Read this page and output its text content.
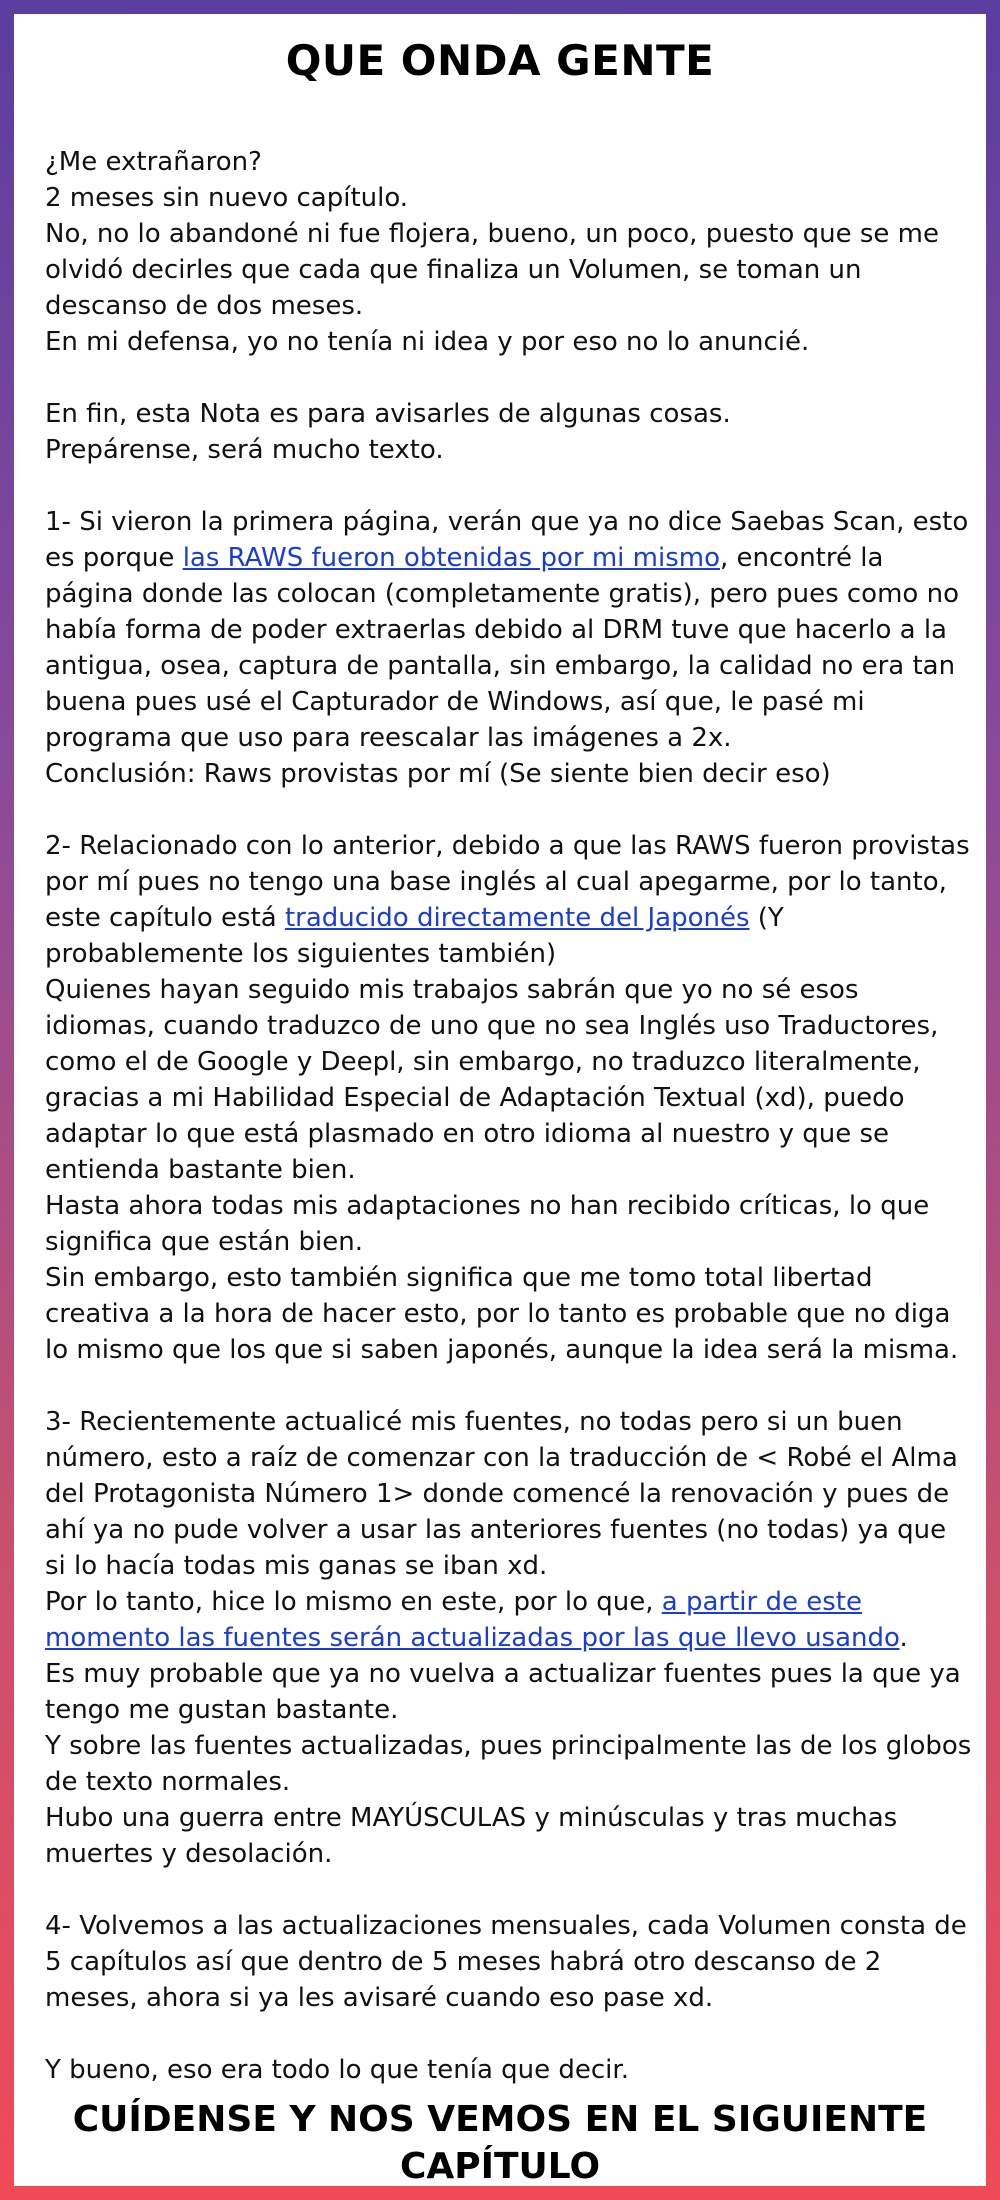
QUE ONDA GENTE

¿Me extrañaron?
2 meses sin nuevo capítulo.
No, no lo abandoné ni fue flojera, bueno, un poco, puesto que se me olvidó decirles que cada que finaliza un Volumen, se toman un descanso de dos meses.
En mi defensa, yo no tenía ni idea y por eso no lo anuncié.

En fin, esta Nota es para avisarles de algunas cosas.
Prepárense, será mucho texto.

1- Si vieron la primera página, verán que ya no dice Saebas Scan, esto es porque las RAWS fueron obtenidas por mi mismo, encontré la página donde las colocan (completamente gratis), pero pues como no había forma de poder extraerlas debido al DRM tuve que hacerlo a la antigua, osea, captura de pantalla, sin embargo, la calidad no era tan buena pues usé el Capturador de Windows, así que, le pasé mi programa que uso para reescalar las imágenes a 2x.
Conclusión: Raws provistas por mí (Se siente bien decir eso)

2- Relacionado con lo anterior, debido a que las RAWS fueron provistas por mí pues no tengo una base inglés al cual apegarme, por lo tanto, este capítulo está traducido directamente del Japonés (Y probablemente los siguientes también)
Quienes hayan seguido mis trabajos sabrán que yo no sé esos idiomas, cuando traduzco de uno que no sea Inglés uso Traductores, como el de Google y Deepl, sin embargo, no traduzco literalmente, gracias a mi Habilidad Especial de Adaptación Textual (xd), puedo adaptar lo que está plasmado en otro idioma al nuestro y que se entienda bastante bien.
Hasta ahora todas mis adaptaciones no han recibido críticas, lo que significa que están bien.
Sin embargo, esto también significa que me tomo total libertad creativa a la hora de hacer esto, por lo tanto es probable que no diga lo mismo que los que si saben japonés, aunque la idea será la misma.

3- Recientemente actualicé mis fuentes, no todas pero si un buen número, esto a raíz de comenzar con la traducción de < Robé el Alma del Protagonista Número 1> donde comencé la renovación y pues de ahí ya no pude volver a usar las anteriores fuentes (no todas) ya que si lo hacía todas mis ganas se iban xd.
Por lo tanto, hice lo mismo en este, por lo que, a partir de este momento las fuentes serán actualizadas por las que llevo usando.
Es muy probable que ya no vuelva a actualizar fuentes pues la que ya tengo me gustan bastante.
Y sobre las fuentes actualizadas, pues principalmente las de los globos de texto normales.
Hubo una guerra entre MAYÚSCULAS y minúsculas y tras muchas muertes y desolación.

4- Volvemos a las actualizaciones mensuales, cada Volumen consta de 5 capítulos así que dentro de 5 meses habrá otro descanso de 2 meses, ahora si ya les avisaré cuando eso pase xd.

Y bueno, eso era todo lo que tenía que decir.

CUÍDENSE Y NOS VEMOS EN EL SIGUIENTE CAPÍTULO
